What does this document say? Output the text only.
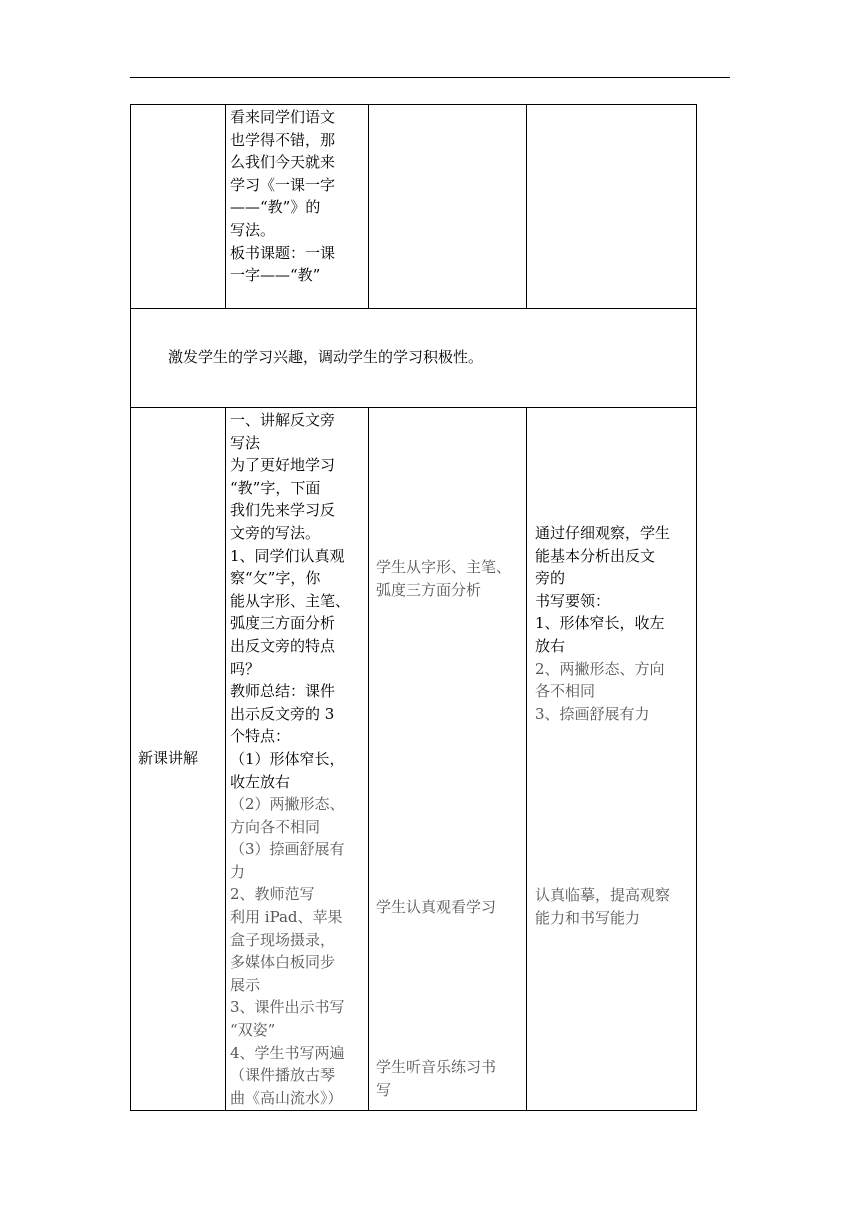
看来同学们语文
也学得不错，那
么我们今天就来
学习《一课一字
——“教”》的
写法。
板书课题：一课
一字——“教”
激发学生的学习兴趣，调动学生的学习积极性。
新课讲解
一、讲解反文旁
写法
为了更好地学习
“教”字，下面
我们先来学习反
文旁的写法。
1、同学们认真观
察“攵”字，你
能从字形、主笔、
弧度三方面分析
出反文旁的特点
吗？
教师总结：课件
出示反文旁的 3
个特点：
（1）形体窄长，
收左放右
（2）两撇形态、
方向各不相同
（3）捺画舒展有
力
2、教师范写
利用 iPad、苹果
盒子现场摄录，
多媒体白板同步
展示
3、课件出示书写
“双姿”
4、学生书写两遍
（课件播放古琴
曲《高山流水》）
学生从字形、主笔、
弧度三方面分析
学生认真观看学习
学生听音乐练习书
写
通过仔细观察，学生
能基本分析出反文
旁的
书写要领：
1、形体窄长，收左
放右
2、两撇形态、方向
各不相同
3、捺画舒展有力
认真临摹，提高观察
能力和书写能力
